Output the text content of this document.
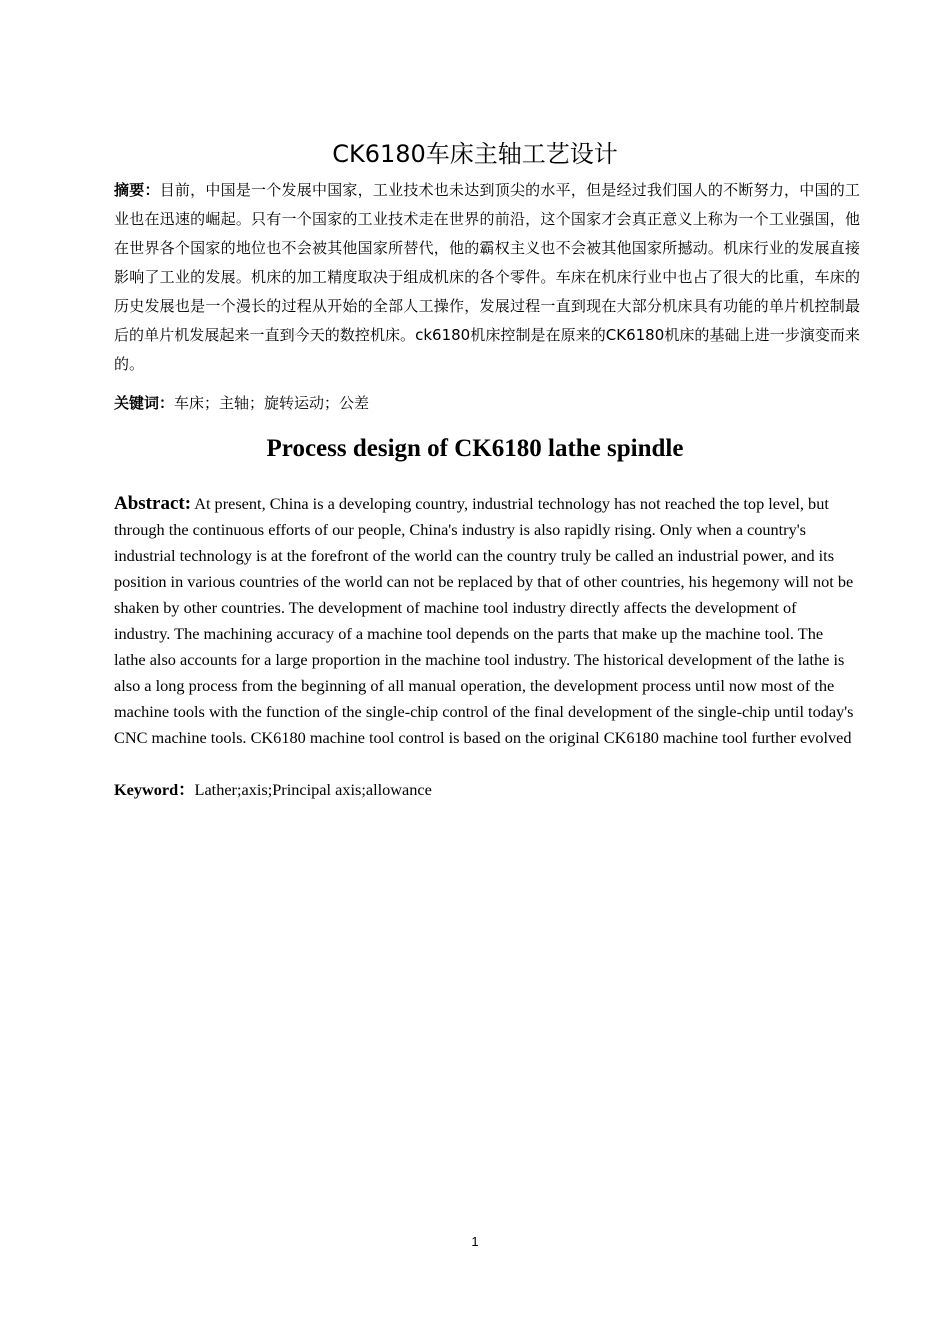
CK6180车床主轴工艺设计

摘要：目前，中国是一个发展中国家，工业技术也未达到顶尖的水平，但是经过我们国人的不断努力，中国的工业也在迅速的崛起。只有一个国家的工业技术走在世界的前沿，这个国家才会真正意义上称为一个工业强国，他在世界各个国家的地位也不会被其他国家所替代，他的霸权主义也不会被其他国家所撼动。机床行业的发展直接影响了工业的发展。机床的加工精度取决于组成机床的各个零件。车床在机床行业中也占了很大的比重，车床的历史发展也是一个漫长的过程从开始的全部人工操作，发展过程一直到现在大部分机床具有功能的单片机控制最后的单片机发展起来一直到今天的数控机床。ck6180机床控制是在原来的CK6180机床的基础上进一步演变而来的。

关键词：车床；主轴；旋转运动；公差

Process design of CK6180 lathe spindle

Abstract: At present, China is a developing country, industrial technology has not reached the top level, but through the continuous efforts of our people, China's industry is also rapidly rising. Only when a country's industrial technology is at the forefront of the world can the country truly be called an industrial power, and its position in various countries of the world can not be replaced by that of other countries, his hegemony will not be shaken by other countries. The development of machine tool industry directly affects the development of industry. The machining accuracy of a machine tool depends on the parts that make up the machine tool. The lathe also accounts for a large proportion in the machine tool industry. The historical development of the lathe is also a long process from the beginning of all manual operation, the development process until now most of the machine tools with the function of the single-chip control of the final development of the single-chip until today's CNC machine tools. CK6180 machine tool control is based on the original CK6180 machine tool further evolved

Keyword：Lather;axis;Principal axis;allowance

1
